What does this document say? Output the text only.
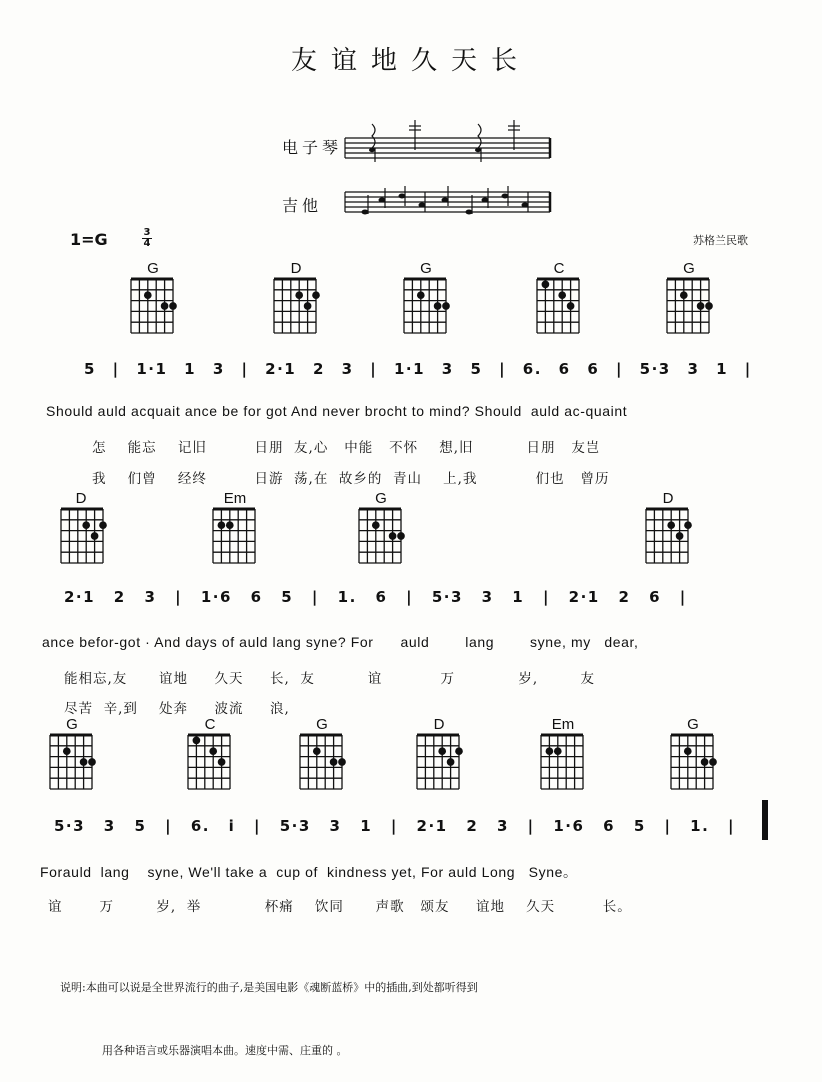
友谊地久天长
电子琴
吉他
1=G	$\frac{3}{4}$	苏格兰民歌
G	D	G	C	G
D	Em	G	D
G	C	G	D	Em	G
5 | 1·1 1 3 | 2·1 2 3 | 1·1 3 5 | 6. 6 6 | 5·3 3 1 |
Should auld acquait ance be for got And never brocht to mind? Should  auld ac-quaint
怎    能忘    记旧         日朋  友,心   中能   不怀    想,旧          日朋   友岂
我    们曾    经终         日游  荡,在  故乡的  青山    上,我           们也   曾历
2·1 2 3 | 1·6 6 5 | 1. 6 | 5·3 3 1 | 2·1 2 6 |
ance befor-got · And days of auld lang syne? For      auld        lang        syne, my   dear,
能相忘,友      谊地     久天     长,  友          谊           万            岁,        友
尽苦  辛,到    处奔     波流     浪,
5·3 3 5 | 6. i | 5·3 3 1 | 2·1 2 3 | 1·6 6 5 | 1. |
Forauld  lang    syne, We'll take a  cup of  kindness yet, For auld Long   Syne。
谊       万        岁,  举            杯痛    饮同      声歌   颂友     谊地    久天         长。

说明:本曲可以说是全世界流行的曲子,是美国电影《魂断蓝桥》中的插曲,到处都听得到

用各种语言或乐器演唱本曲。速度中需、庄重的 。
